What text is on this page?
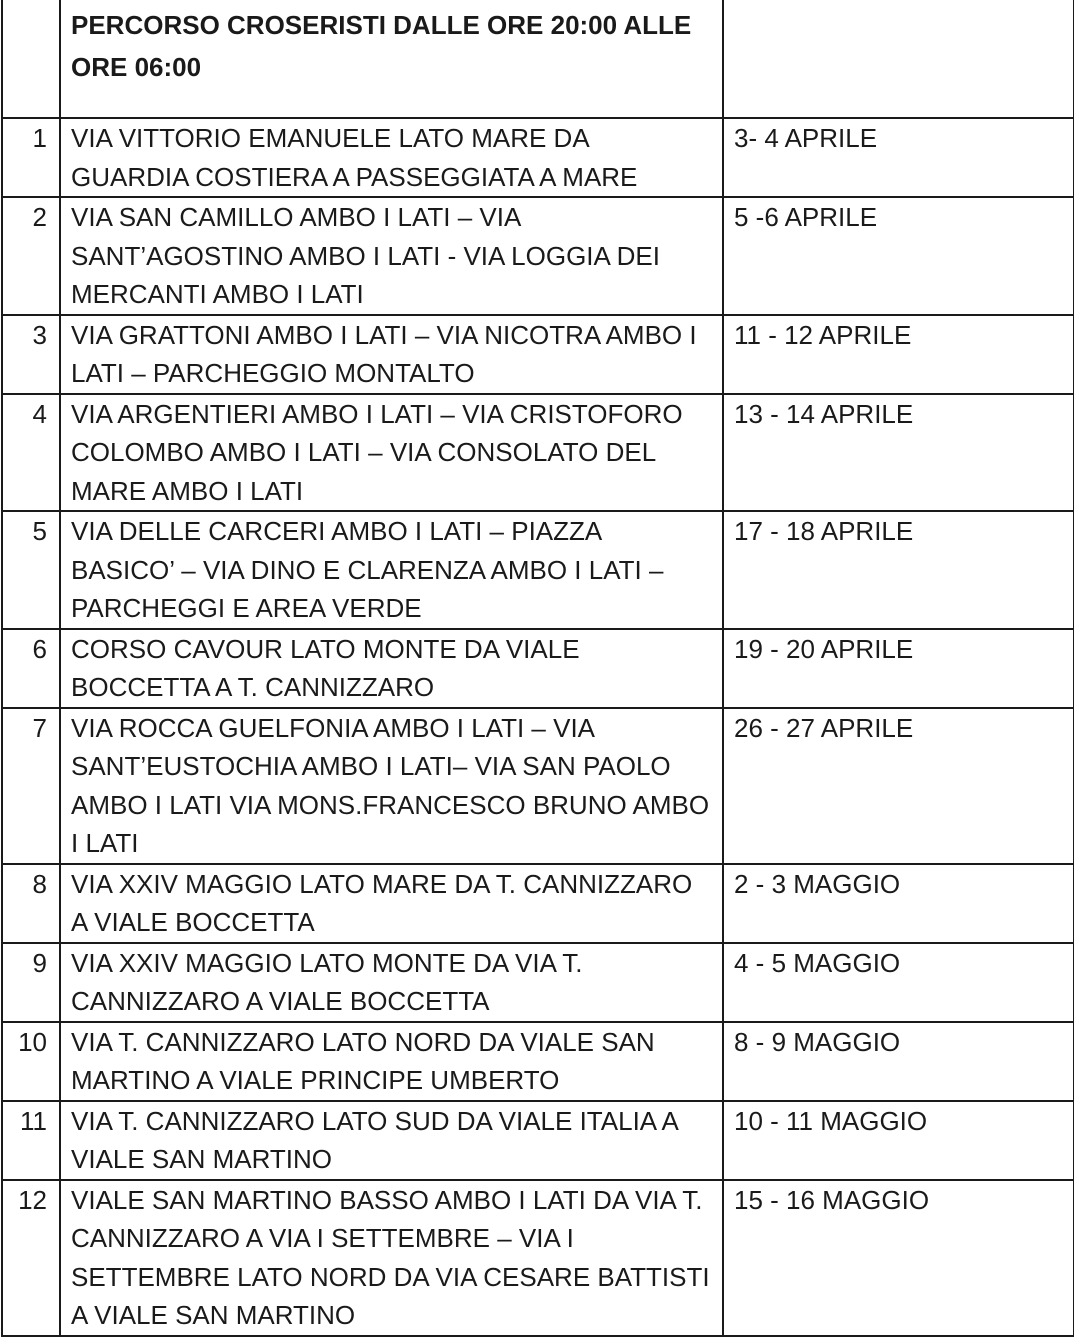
	PERCORSO CROSERISTI DALLE ORE 20:00 ALLE ORE 06:00	
1	VIA VITTORIO EMANUELE LATO MARE DA GUARDIA COSTIERA A PASSEGGIATA A MARE	3- 4 APRILE
2	VIA SAN CAMILLO AMBO I LATI – VIA SANT’AGOSTINO AMBO I LATI - VIA LOGGIA DEI MERCANTI AMBO I LATI	5 -6 APRILE
3	VIA GRATTONI AMBO I LATI – VIA NICOTRA AMBO I LATI – PARCHEGGIO MONTALTO	11 - 12 APRILE
4	VIA ARGENTIERI AMBO I LATI – VIA CRISTOFORO COLOMBO AMBO I LATI – VIA CONSOLATO DEL MARE AMBO I LATI	13 - 14 APRILE
5	VIA DELLE CARCERI AMBO I LATI – PIAZZA BASICO’ – VIA DINO E CLARENZA AMBO I LATI – PARCHEGGI E AREA VERDE	17 - 18 APRILE
6	CORSO CAVOUR LATO MONTE DA VIALE BOCCETTA A T. CANNIZZARO	19 - 20 APRILE
7	VIA ROCCA GUELFONIA AMBO I LATI – VIA SANT’EUSTOCHIA AMBO I LATI– VIA SAN PAOLO AMBO I LATI VIA MONS.FRANCESCO BRUNO AMBO I LATI	26 - 27 APRILE
8	VIA XXIV MAGGIO LATO MARE DA T. CANNIZZARO A VIALE BOCCETTA	2 - 3 MAGGIO
9	VIA XXIV MAGGIO LATO MONTE DA VIA T. CANNIZZARO A VIALE BOCCETTA	4 - 5 MAGGIO
10	VIA T. CANNIZZARO LATO NORD DA VIALE SAN MARTINO A VIALE PRINCIPE UMBERTO	8 - 9 MAGGIO
11	VIA T. CANNIZZARO LATO SUD DA VIALE ITALIA A VIALE SAN MARTINO	10 - 11 MAGGIO
12	VIALE SAN MARTINO BASSO AMBO I LATI DA VIA T. CANNIZZARO A VIA I SETTEMBRE – VIA I SETTEMBRE LATO NORD DA VIA CESARE BATTISTI A VIALE SAN MARTINO	15 - 16 MAGGIO
